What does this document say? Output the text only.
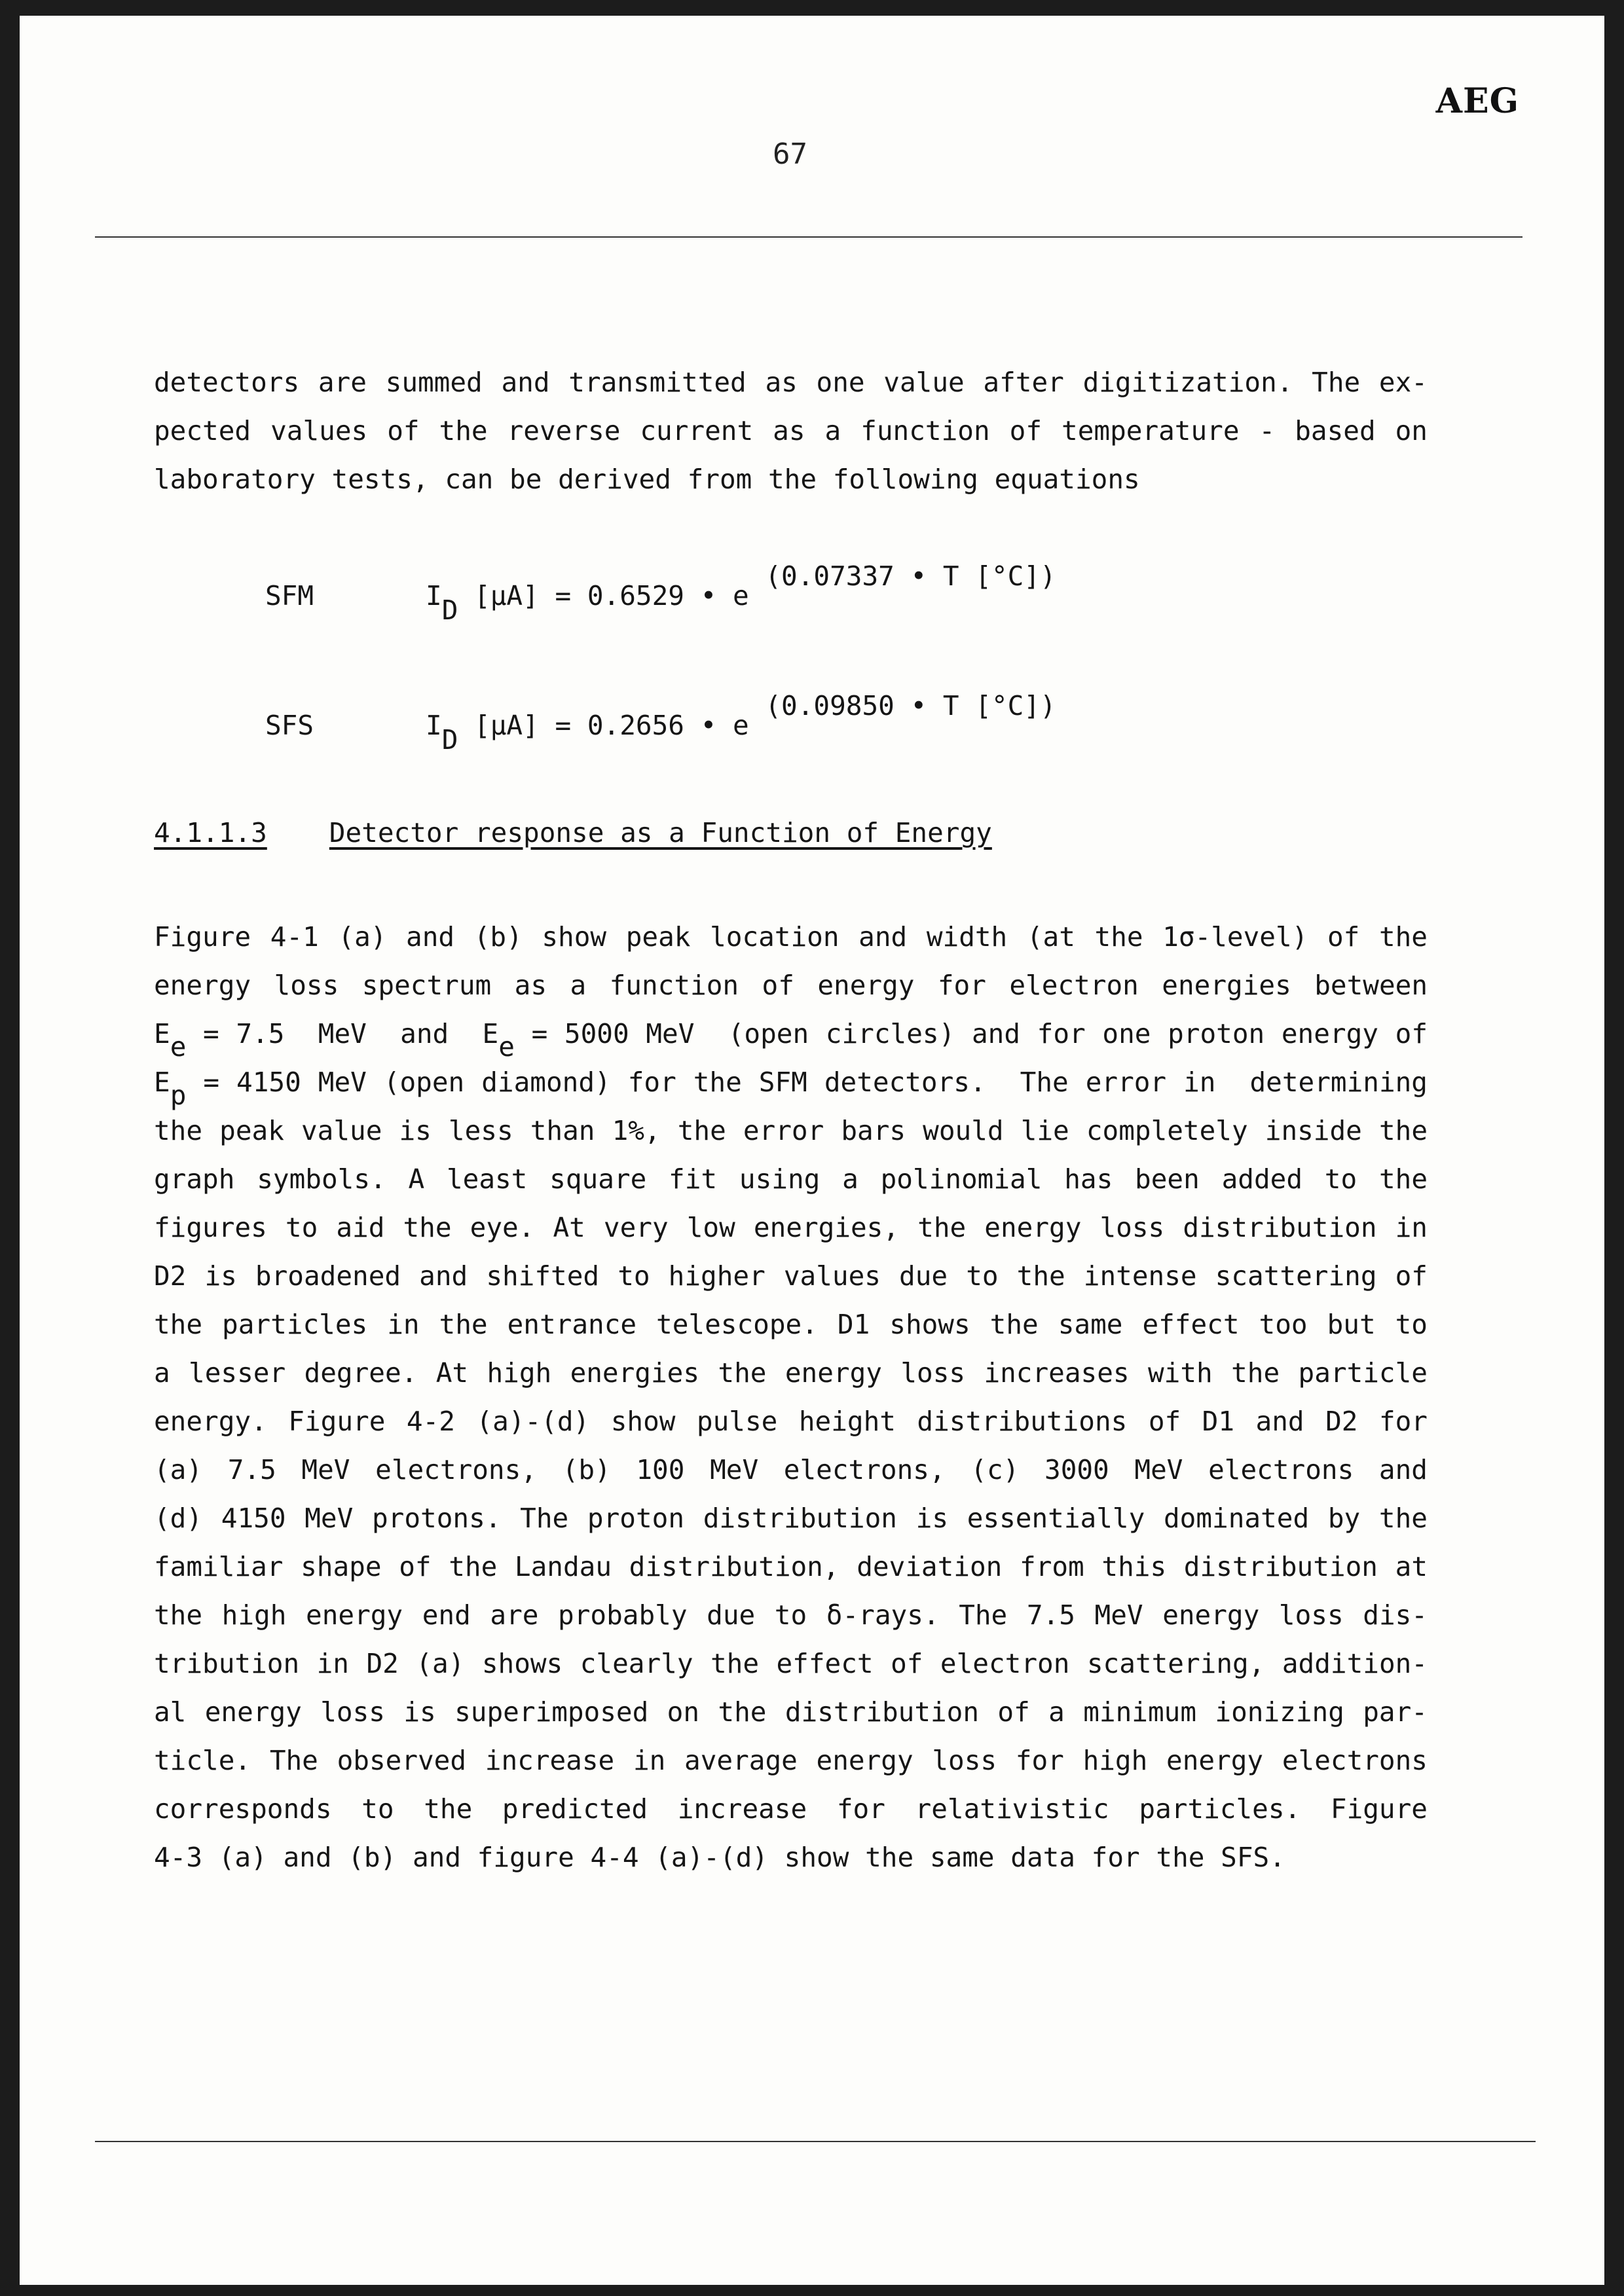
AEG
67
detectors are summed and transmitted as one value after digitization. The ex-
pected values of the reverse current as a function of temperature - based on
laboratory tests, can be derived from the following equations
SFM	ID [µA] = 0.6529 • e (0.07337 • T [°C])
SFS	ID [µA] = 0.2656 • e (0.09850 • T [°C])
4.1.1.3 Detector response as a Function of Energy
Figure 4-1 (a) and (b) show peak location and width (at the 1σ-level) of the
energy loss spectrum as a function of energy for electron energies between
Ee = 7.5  MeV  and  Ee = 5000 MeV  (open circles) and for one proton energy of
Ep = 4150 MeV (open diamond) for the SFM detectors.  The error in  determining
the peak value is less than 1%, the error bars would lie completely inside the
graph symbols. A least square fit using a polinomial has been added to the
figures to aid the eye. At very low energies, the energy loss distribution in
D2 is broadened and shifted to higher values due to the intense scattering of
the particles in the entrance telescope. D1 shows the same effect too but to
a lesser degree. At high energies the energy loss increases with the particle
energy. Figure 4-2 (a)-(d) show pulse height distributions of D1 and D2 for
(a) 7.5 MeV electrons, (b) 100 MeV electrons, (c) 3000 MeV electrons and
(d) 4150 MeV protons. The proton distribution is essentially dominated by the
familiar shape of the Landau distribution, deviation from this distribution at
the high energy end are probably due to δ-rays. The 7.5 MeV energy loss dis-
tribution in D2 (a) shows clearly the effect of electron scattering, addition-
al energy loss is superimposed on the distribution of a minimum ionizing par-
ticle. The observed increase in average energy loss for high energy electrons
corresponds to the predicted increase for relativistic particles. Figure
4-3 (a) and (b) and figure 4-4 (a)-(d) show the same data for the SFS.
